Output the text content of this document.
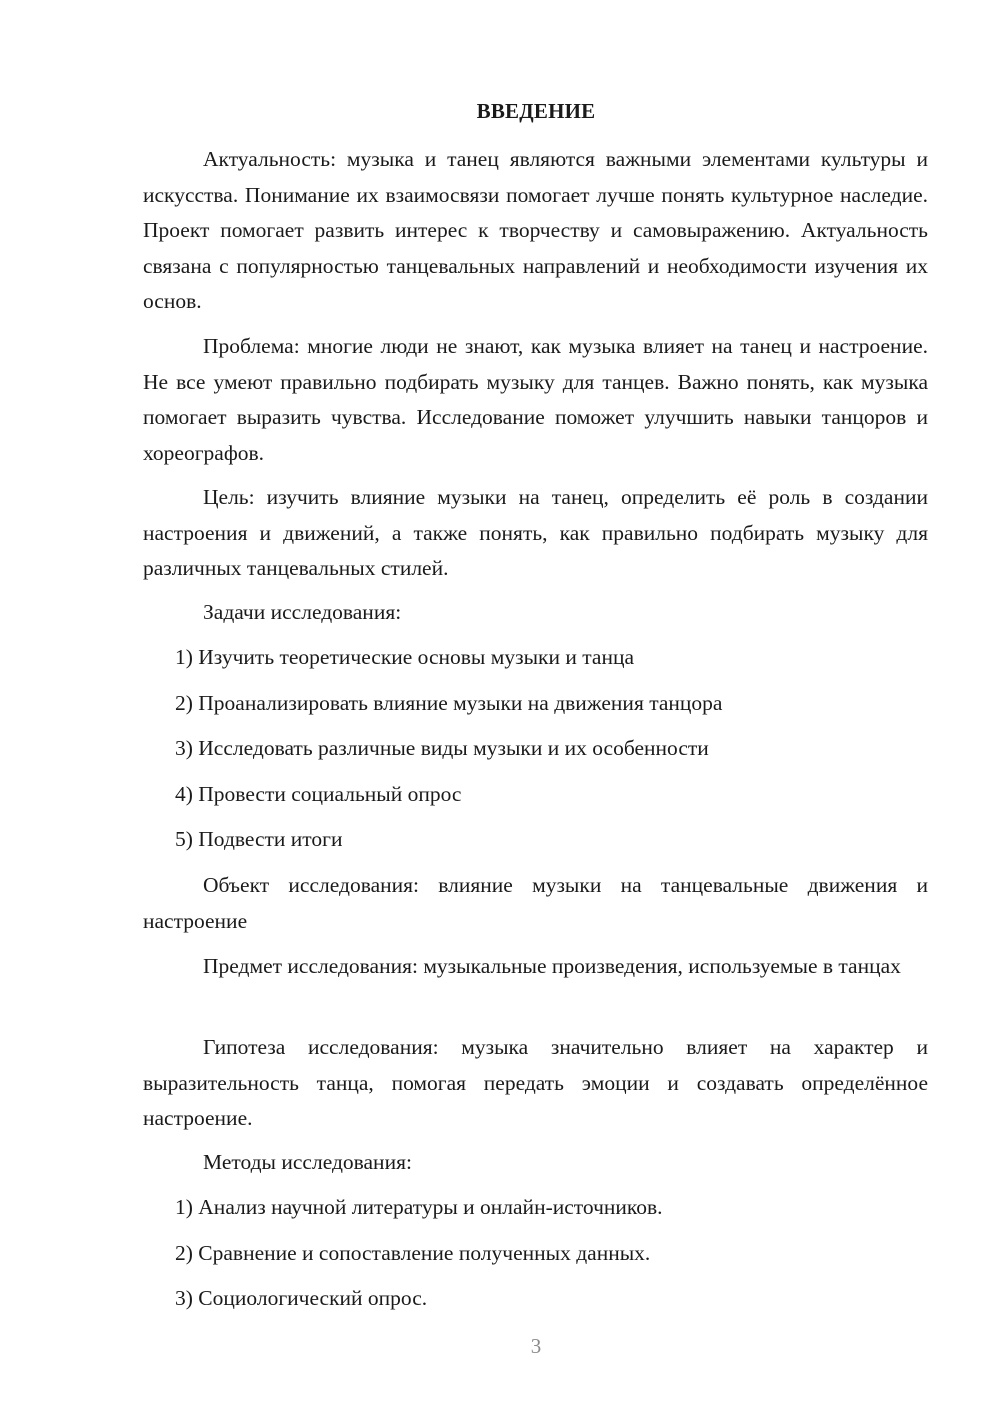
ВВЕДЕНИЕ

Актуальность: музыка и танец являются важными элементами культуры и искусства. Понимание их взаимосвязи помогает лучше понять культурное наследие. Проект помогает развить интерес к творчеству и самовыражению. Актуальность связана с популярностью танцевальных направлений и необходимости изучения их основ.

Проблема: многие люди не знают, как музыка влияет на танец и настроение. Не все умеют правильно подбирать музыку для танцев. Важно понять, как музыка помогает выразить чувства. Исследование поможет улучшить навыки танцоров и хореографов.

Цель: изучить влияние музыки на танец, определить её роль в создании настроения и движений, а также понять, как правильно подбирать музыку для различных танцевальных стилей.

Задачи исследования:

1) Изучить теоретические основы музыки и танца

2) Проанализировать влияние музыки на движения танцора

3) Исследовать различные виды музыки и их особенности

4) Провести социальный опрос

5) Подвести итоги

Объект исследования: влияние музыки на танцевальные движения и настроение

Предмет исследования: музыкальные произведения, используемые в танцах

Гипотеза исследования: музыка значительно влияет на характер и выразительность танца, помогая передать эмоции и создавать определённое настроение.

Методы исследования:

1) Анализ научной литературы и онлайн-источников.

2) Сравнение и сопоставление полученных данных.

3) Социологический опрос.

3
